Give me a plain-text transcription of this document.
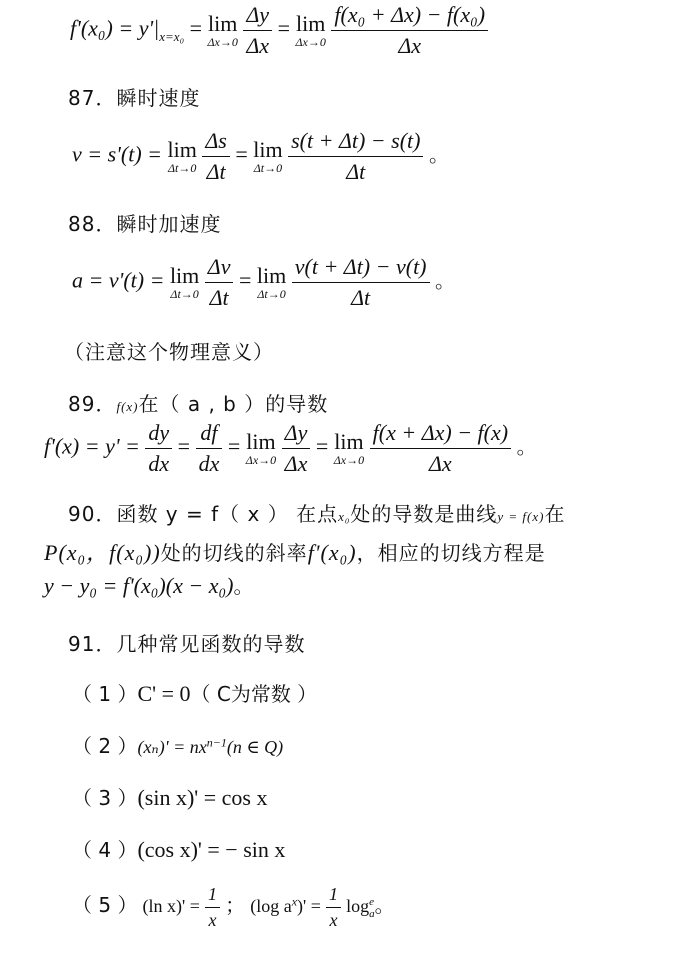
$f'(x_0) = y'|_{x=x_0} = \lim$
Δx→0
$\frac{\Delta y}{\Delta x} = \lim$
Δx→0
$\frac{\text{f(x₀ + Δx) − f(x₀)}}{\Delta x}$
87．瞬时速度
ν = s'(t) = lim
Δt→0
$\frac{\Delta s}{\Delta t} = \lim$
Δt→0
$\frac{s(t + \Delta t) - s(t)}{\Delta t}$ 。
88．瞬时加速度
a = v'(t) = lim
Δt→0
$\frac{\Delta v}{\Delta t} = \lim$
Δt→0
$\frac{v(t + \Delta t) - v(t)}{\Delta t}$ 。
（注意这个物理意义）
89．f(x)在（ a , b ）的导数
$f'(x) = y' = \frac{dy}{dx} = \frac{df}{dx} = \lim$
Δx→0
$\frac{\Delta y}{\Delta x} = \lim$
Δx→0
$\frac{f(x + \Delta x) - f(x)}{\Delta x}$ 。
90．函数 y = f（ x ） 在点x₀处的导数是曲线y = f(x)在
P(x₀，f(x₀))处的切线的斜率f'(x₀)，相应的切线方程是
y − y₀ = f'(x₀)(x − x₀)。
91．几种常见函数的导数
（ 1 ）C' = 0（ C为常数 ）
（ 2 ）$(x_n)' = nx^{n-1}(n$ ∈ Q)
（ 3 ）(sin x)' = cos x
（ 4 ）(cos x)' = − sin x
（ 5 ） (ln $x)' = \frac{1}{x}$ ； (log $a^x)' = \frac{1}{x}$ log e
a 。
